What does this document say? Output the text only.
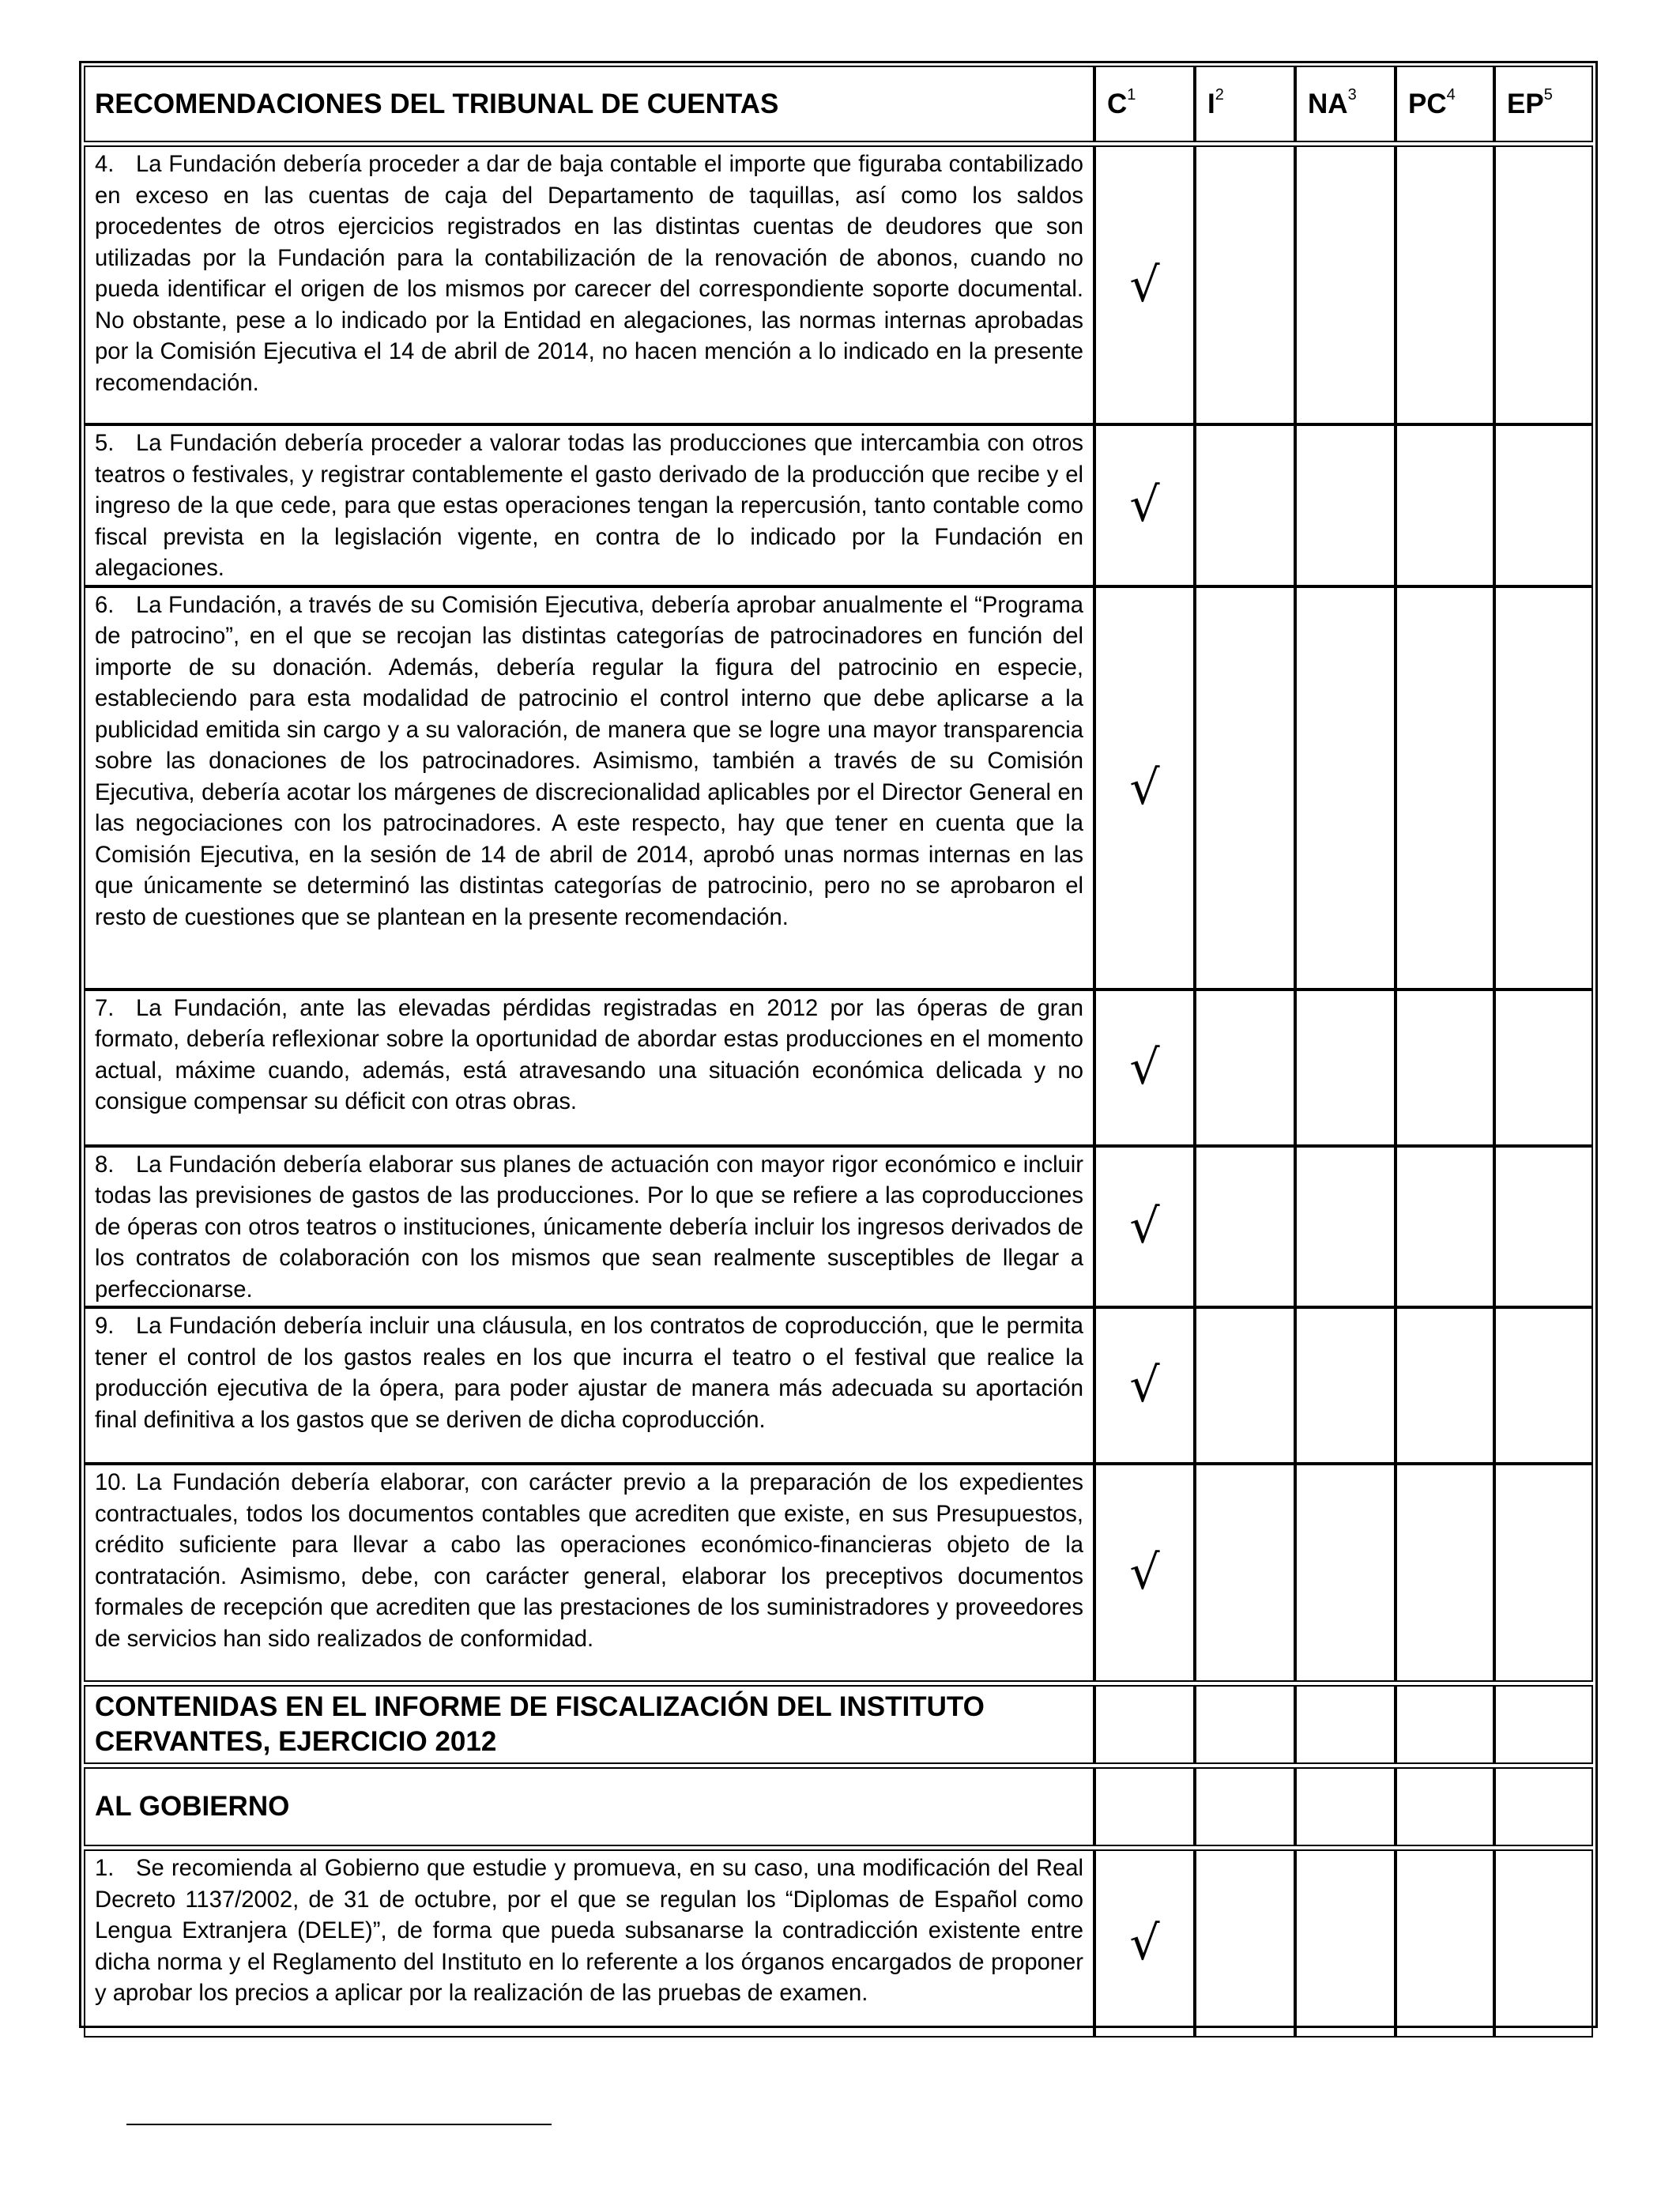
RECOMENDACIONES DEL TRIBUNAL DE CUENTAS	$C^1$	$I^2$	$NA^3$	$PC^4$	$EP^5$

4. La Fundación debería proceder a dar de baja contable el importe que figuraba contabilizado en exceso en las cuentas de caja del Departamento de taquillas, así como los saldos procedentes de otros ejercicios registrados en las distintas cuentas de deudores que son utilizadas por la Fundación para la contabilización de la renovación de abonos, cuando no pueda identificar el origen de los mismos por carecer del correspondiente soporte documental. No obstante, pese a lo indicado por la Entidad en alegaciones, las normas internas aprobadas por la Comisión Ejecutiva el 14 de abril de 2014, no hacen mención a lo indicado en la presente recomendación.	√				
5. La Fundación debería proceder a valorar todas las producciones que intercambia con otros teatros o festivales, y registrar contablemente el gasto derivado de la producción que recibe y el ingreso de la que cede, para que estas operaciones tengan la repercusión, tanto contable como fiscal prevista en la legislación vigente, en contra de lo indicado por la Fundación en alegaciones.	√				
6. La Fundación, a través de su Comisión Ejecutiva, debería aprobar anualmente el “Programa de patrocino”, en el que se recojan las distintas categorías de patrocinadores en función del importe de su donación. Además, debería regular la figura del patrocinio en especie, estableciendo para esta modalidad de patrocinio el control interno que debe aplicarse a la publicidad emitida sin cargo y a su valoración, de manera que se logre una mayor transparencia sobre las donaciones de los patrocinadores. Asimismo, también a través de su Comisión Ejecutiva, debería acotar los márgenes de discrecionalidad aplicables por el Director General en las negociaciones con los patrocinadores. A este respecto, hay que tener en cuenta que la Comisión Ejecutiva, en la sesión de 14 de abril de 2014, aprobó unas normas internas en las que únicamente se determinó las distintas categorías de patrocinio, pero no se aprobaron el resto de cuestiones que se plantean en la presente recomendación.	√				
7. La Fundación, ante las elevadas pérdidas registradas en 2012 por las óperas de gran formato, debería reflexionar sobre la oportunidad de abordar estas producciones en el momento actual, máxime cuando, además, está atravesando una situación económica delicada y no consigue compensar su déficit con otras obras.	√				
8. La Fundación debería elaborar sus planes de actuación con mayor rigor económico e incluir todas las previsiones de gastos de las producciones. Por lo que se refiere a las coproducciones de óperas con otros teatros o instituciones, únicamente debería incluir los ingresos derivados de los contratos de colaboración con los mismos que sean realmente susceptibles de llegar a perfeccionarse.	√				
9. La Fundación debería incluir una cláusula, en los contratos de coproducción, que le permita tener el control de los gastos reales en los que incurra el teatro o el festival que realice la producción ejecutiva de la ópera, para poder ajustar de manera más adecuada su aportación final definitiva a los gastos que se deriven de dicha coproducción.	√				
10. La Fundación debería elaborar, con carácter previo a la preparación de los expedientes contractuales, todos los documentos contables que acrediten que existe, en sus Presupuestos, crédito suficiente para llevar a cabo las operaciones económico-financieras objeto de la contratación. Asimismo, debe, con carácter general, elaborar los preceptivos documentos formales de recepción que acrediten que las prestaciones de los suministradores y proveedores de servicios han sido realizados de conformidad.	√				

CONTENIDAS EN EL INFORME DE FISCALIZACIÓN DEL INSTITUTO CERVANTES, EJERCICIO 2012					

AL GOBIERNO					

1. Se recomienda al Gobierno que estudie y promueva, en su caso, una modificación del Real Decreto 1137/2002, de 31 de octubre, por el que se regulan los “Diplomas de Español como Lengua Extranjera (DELE)”, de forma que pueda subsanarse la contradicción existente entre dicha norma y el Reglamento del Instituto en lo referente a los órganos encargados de proponer y aprobar los precios a aplicar por la realización de las pruebas de examen.	√				
